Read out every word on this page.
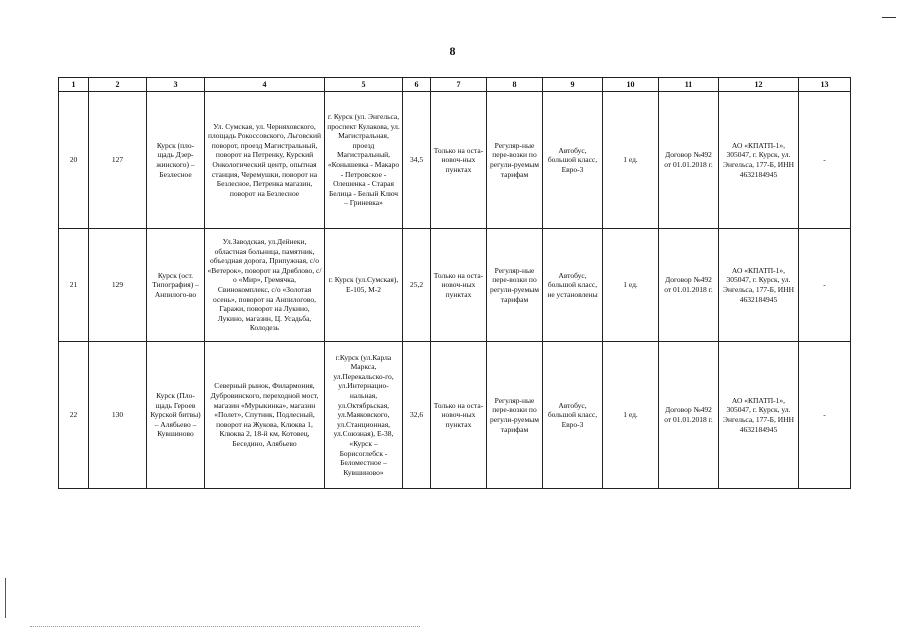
8
1	2	3	4	5	6	7	8	9	10	11	12	13
20	127	Курск (пло-щадь Дзер-жинского) – Безлесное	Ул. Сумская, ул. Черняховского, площадь Рокоссовского, Льговский поворот, проезд Магистральный, поворот на Петренку, Курский Онкологический центр, опытная станция, Черемушки, поворот на Безлесное, Петренка магазин, поворот на Безлесное	г. Курск (ул. Энгельса, проспект Кулакова, ул. Магистральная, проезд Магистральный, «Конышевка - Макаро - Петровское - Олешенка - Старая Белица - Белый Ключ – Гриневка»	34,5	Только на оста-новоч-ных пунктах	Регуляр-ные пере-возки по регули-руемым тарифам	Автобус, большой класс, Евро-3	1 ед.	Договор №492 от 01.01.2018 г.	АО «КПАТП-1», 305047, г. Курск, ул. Энгельса, 177-Б, ИНН 4632184945	-
21	129	Курск (ост. Типография) – Анпилого-во	Ул.Заводская, ул.Дейнеки, областная больница, памятник, объездная дорога, Припужная, с/о «Ветерок», поворот на Дряблово, с/о «Мир», Гремячка, Свинокомплекс, с/о «Золотая осень», поворот на Анпилогово, Гаражи, поворот на Лукино, Лукино, магазин, Ц. Усадьба, Колодезь	г. Курск (ул.Сумская), Е-105, М-2	25,2	Только на оста-новоч-ных пунктах	Регуляр-ные пере-возки по регули-руемым тарифам	Автобус, большой класс, не установлены	1 ед.	Договор №492 от 01.01.2018 г.	АО «КПАТП-1», 305047, г. Курск, ул. Энгельса, 177-Б, ИНН 4632184945	-
22	130	Курск (Пло-щадь Героев Курской битвы) – Алябьево – Кувшиново	Северный рынок, Филармония, Дубровинского, переходной мост, магазин «Мурыкинка», магазин «Полет», Спутник, Подлесный, поворот на Жукова, Клюква 1, Клюква 2, 18-й км, Котовец, Беседино, Алябьево	г.Курск (ул.Карла Маркса, ул.Перекальско-го, ул.Интернацио-нальная, ул.Октябрьская, ул.Маяковского, ул.Станционная, ул.Союзная), Е-38, «Курск – Борисоглебск - Беломестное – Кувшиново»	32,6	Только на оста-новоч-ных пунктах	Регуляр-ные пере-возки по регули-руемым тарифам	Автобус, большой класс, Евро-3	1 ед.	Договор №492 от 01.01.2018 г.	АО «КПАТП-1», 305047, г. Курск, ул. Энгельса, 177-Б, ИНН 4632184945	-
